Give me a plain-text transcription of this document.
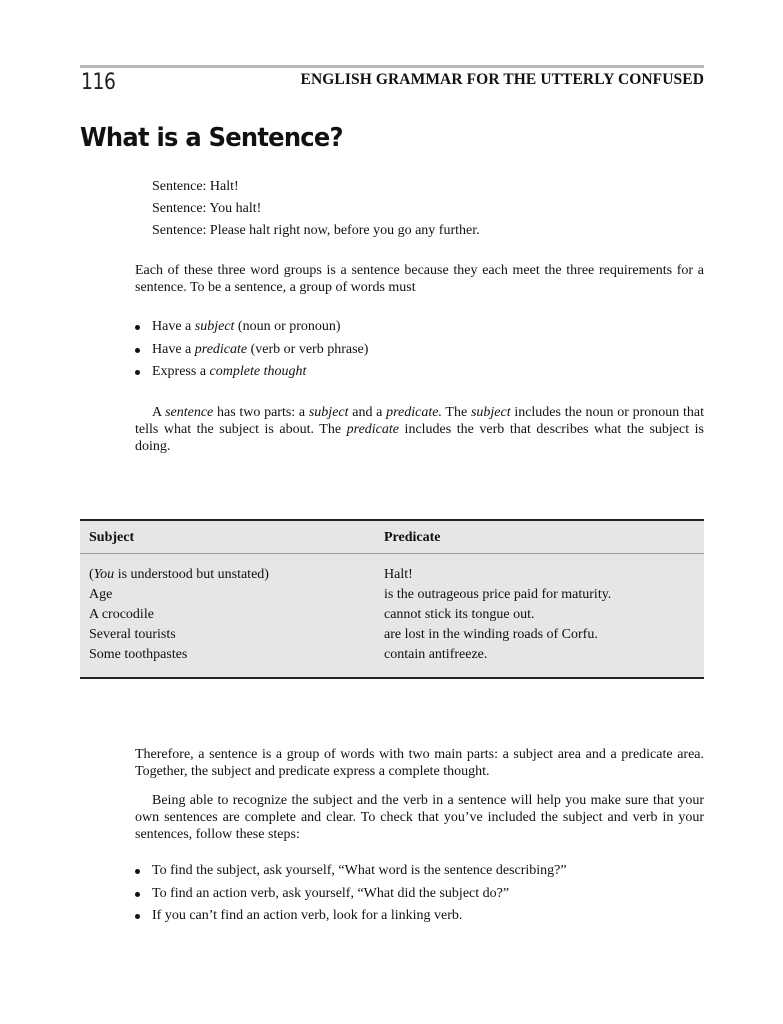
116	ENGLISH GRAMMAR FOR THE UTTERLY CONFUSED
What is a Sentence?
Sentence: Halt!
Sentence: You halt!
Sentence: Please halt right now, before you go any further.

Each of these three word groups is a sentence because they each meet the three requirements for a sentence. To be a sentence, a group of words must

Have a subject (noun or pronoun)
Have a predicate (verb or verb phrase)
Express a complete thought

A sentence has two parts: a subject and a predicate. The subject includes the noun or pronoun that tells what the subject is about. The predicate includes the verb that describes what the subject is doing.

Subject	Predicate
(You is understood but unstated)	Halt!
Age	is the outrageous price paid for maturity.
A crocodile	cannot stick its tongue out.
Several tourists	are lost in the winding roads of Corfu.
Some toothpastes	contain antifreeze.

Therefore, a sentence is a group of words with two main parts: a subject area and a predicate area. Together, the subject and predicate express a complete thought.

Being able to recognize the subject and the verb in a sentence will help you make sure that your own sentences are complete and clear. To check that you’ve included the subject and verb in your sentences, follow these steps:

To find the subject, ask yourself, “What word is the sentence describing?”
To find an action verb, ask yourself, “What did the subject do?”
If you can’t find an action verb, look for a linking verb.
